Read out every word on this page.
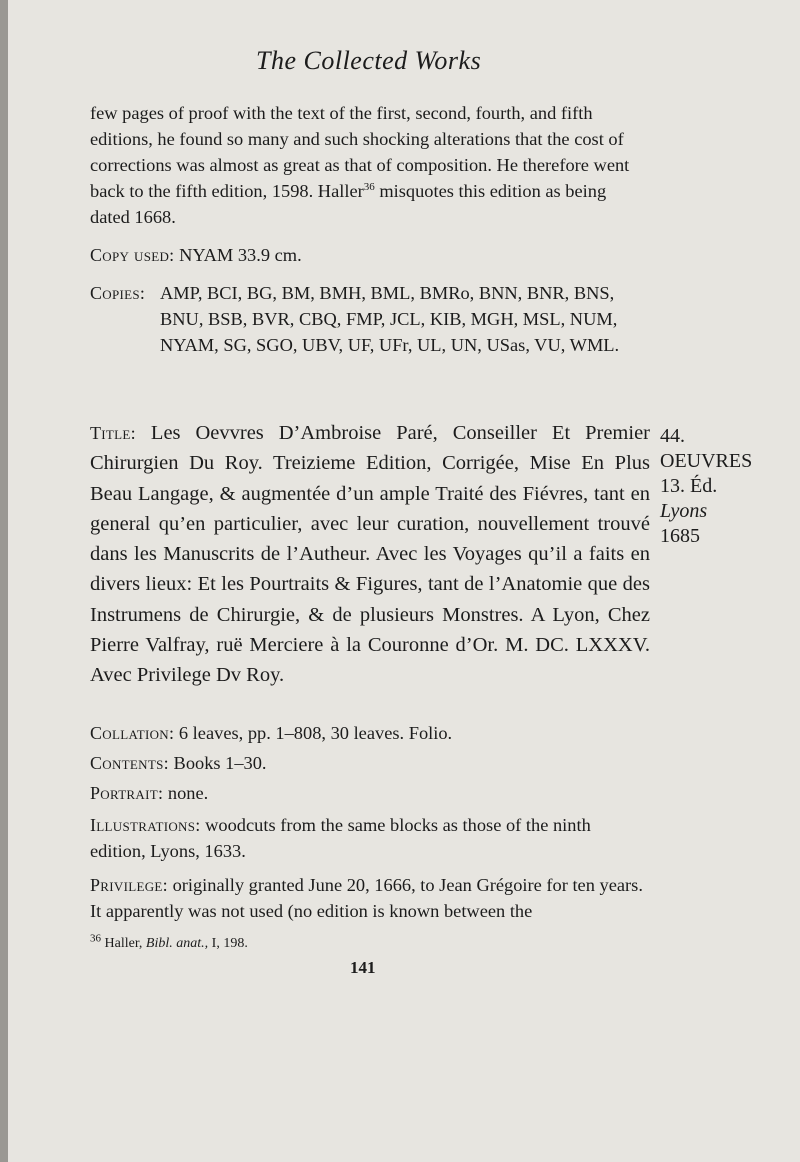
The Collected Works

few pages of proof with the text of the first, second, fourth, and fifth editions, he found so many and such shocking alterations that the cost of corrections was almost as great as that of composition. He therefore went back to the fifth edition, 1598. Haller$^{36}$ misquotes this edition as being dated 1668.

Copy used: NYAM 33.9 cm.

Copies: AMP, BCI, BG, BM, BMH, BML, BMRo, BNN, BNR, BNS, BNU, BSB, BVR, CBQ, FMP, JCL, KIB, MGH, MSL, NUM, NYAM, SG, SGO, UBV, UF, UFr, UL, UN, USas, VU, WML.

Title: Les Oevvres D’Ambroise Paré, Conseiller Et Premier Chirurgien Du Roy. Treizieme Edition, Corrigée, Mise En Plus Beau Langage, & augmentée d’un ample Traité des Fiévres, tant en general qu’en particulier, avec leur curation, nouvellement trouvé dans les Manuscrits de l’Autheur. Avec les Voyages qu’il a faits en divers lieux: Et les Pourtraits & Figures, tant de l’Anatomie que des Instrumens de Chirurgie, & de plusieurs Monstres. A Lyon, Chez Pierre Valfray, ruë Merciere à la Couronne d’Or. M. DC. LXXXV. Avec Privilege Dv Roy.
44.
OEUVRES
13. Éd.
Lyons
1685

Collation: 6 leaves, pp. 1–808, 30 leaves. Folio.

Contents: Books 1–30.

Portrait: none.

Illustrations: woodcuts from the same blocks as those of the ninth edition, Lyons, 1633.

Privilege: originally granted June 20, 1666, to Jean Grégoire for ten years. It apparently was not used (no edition is known between the

$^{36}$ Haller, Bibl. anat., I, 198.
141
